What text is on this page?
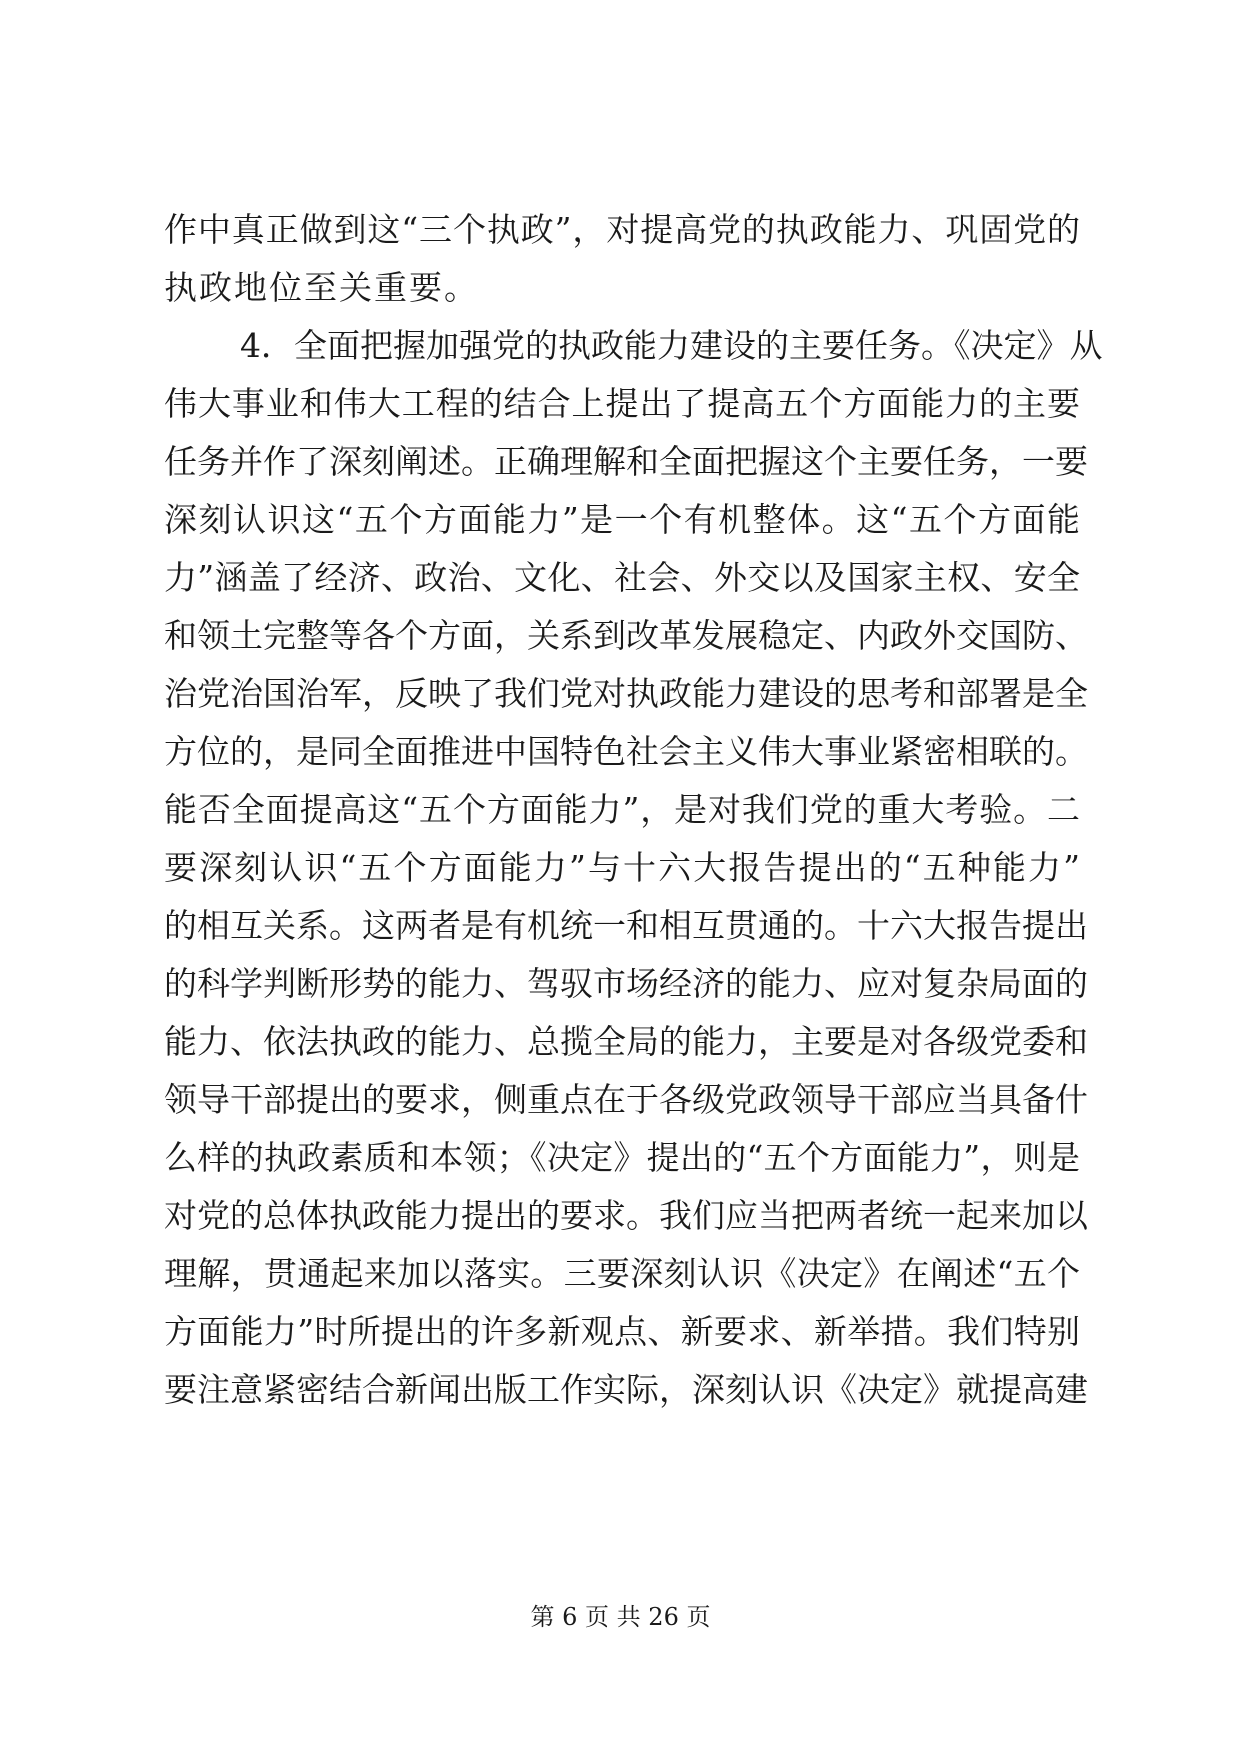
作中真正做到这“三个执政”，对提高党的执政能力、巩固党的
执政地位至关重要。
4．全面把握加强党的执政能力建设的主要任务。《决定》从
伟大事业和伟大工程的结合上提出了提高五个方面能力的主要
任务并作了深刻阐述。正确理解和全面把握这个主要任务，一要
深刻认识这“五个方面能力”是一个有机整体。这“五个方面能
力”涵盖了经济、政治、文化、社会、外交以及国家主权、安全
和领土完整等各个方面，关系到改革发展稳定、内政外交国防、
治党治国治军，反映了我们党对执政能力建设的思考和部署是全
方位的，是同全面推进中国特色社会主义伟大事业紧密相联的。
能否全面提高这“五个方面能力”，是对我们党的重大考验。二
要深刻认识“五个方面能力”与十六大报告提出的“五种能力”
的相互关系。这两者是有机统一和相互贯通的。十六大报告提出
的科学判断形势的能力、驾驭市场经济的能力、应对复杂局面的
能力、依法执政的能力、总揽全局的能力，主要是对各级党委和
领导干部提出的要求，侧重点在于各级党政领导干部应当具备什
么样的执政素质和本领；《决定》提出的“五个方面能力”，则是
对党的总体执政能力提出的要求。我们应当把两者统一起来加以
理解，贯通起来加以落实。三要深刻认识《决定》在阐述“五个
方面能力”时所提出的许多新观点、新要求、新举措。我们特别
要注意紧密结合新闻出版工作实际，深刻认识《决定》就提高建
第 6 页 共 26 页
